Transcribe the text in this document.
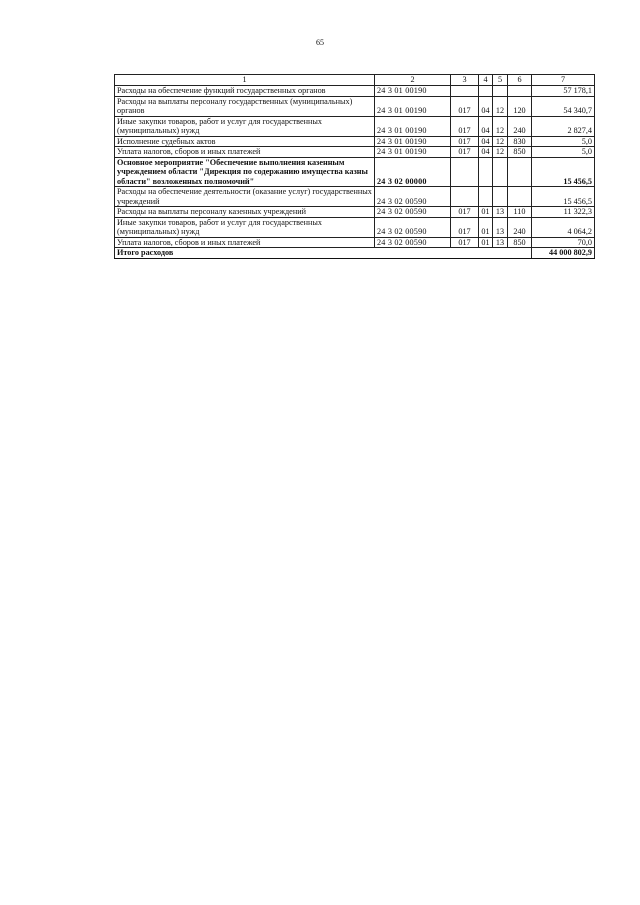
65
1	2	3	4	5	6	7
Расходы на обеспечение функций государственных органов	24 3 01 00190					57 178,1
Расходы на выплаты персоналу государственных (муниципальных) органов	24 3 01 00190	017	04	12	120	54 340,7
Иные закупки товаров, работ и услуг для государственных (муниципальных) нужд	24 3 01 00190	017	04	12	240	2 827,4
Исполнение судебных актов	24 3 01 00190	017	04	12	830	5,0
Уплата налогов, сборов и иных платежей	24 3 01 00190	017	04	12	850	5,0
Основное мероприятие "Обеспечение выполнения казенным учреждением области "Дирекция по содержанию имущества казны области" возложенных полномочий"	24 3 02 00000					15 456,5
Расходы на обеспечение деятельности (оказание услуг) государственных учреждений	24 3 02 00590					15 456,5
Расходы на выплаты персоналу казенных учреждений	24 3 02 00590	017	01	13	110	11 322,3
Иные закупки товаров, работ и услуг для государственных (муниципальных) нужд	24 3 02 00590	017	01	13	240	4 064,2
Уплата налогов, сборов и иных платежей	24 3 02 00590	017	01	13	850	70,0
Итого расходов						44 000 802,9
